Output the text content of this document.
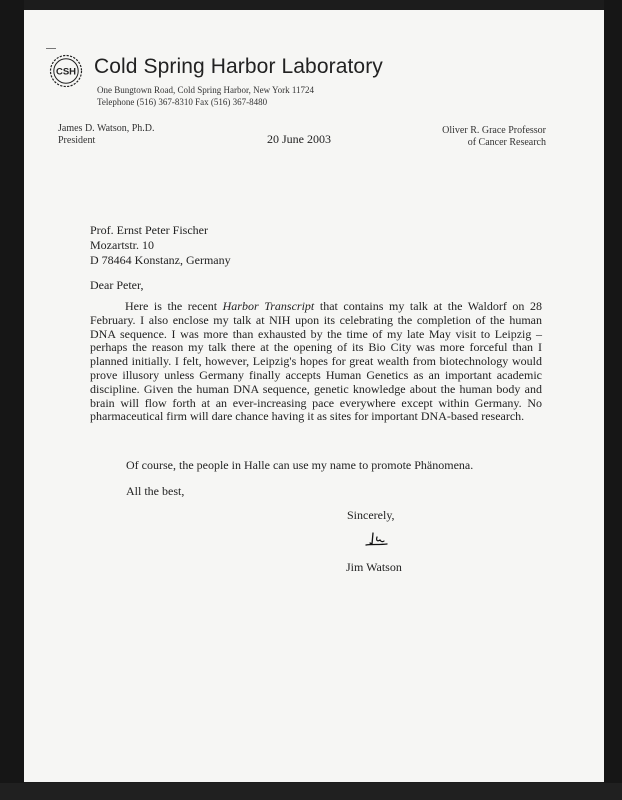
CSH Cold Spring Harbor Laboratory
One Bungtown Road, Cold Spring Harbor, New York 11724
Telephone (516) 367-8310 Fax (516) 367-8480
James D. Watson, Ph.D.
President	20 June 2003
Oliver R. Grace Professor
of Cancer Research
Prof. Ernst Peter Fischer
Mozartstr. 10
D 78464 Konstanz, Germany
Dear Peter,

Here is the recent Harbor Transcript that contains my talk at the Waldorf on 28 February. I also enclose my talk at NIH upon its celebrating the completion of the human DNA sequence. I was more than exhausted by the time of my late May visit to Leipzig – perhaps the reason my talk there at the opening of its Bio City was more forceful than I planned initially. I felt, however, Leipzig's hopes for great wealth from biotechnology would prove illusory unless Germany finally accepts Human Genetics as an important academic discipline. Given the human DNA sequence, genetic knowledge about the human body and brain will flow forth at an ever-increasing pace everywhere except within Germany. No pharmaceutical firm will dare chance having it as sites for important DNA-based research.

Of course, the people in Halle can use my name to promote Phänomena.
All the best,
Sincerely,
Jim Watson
